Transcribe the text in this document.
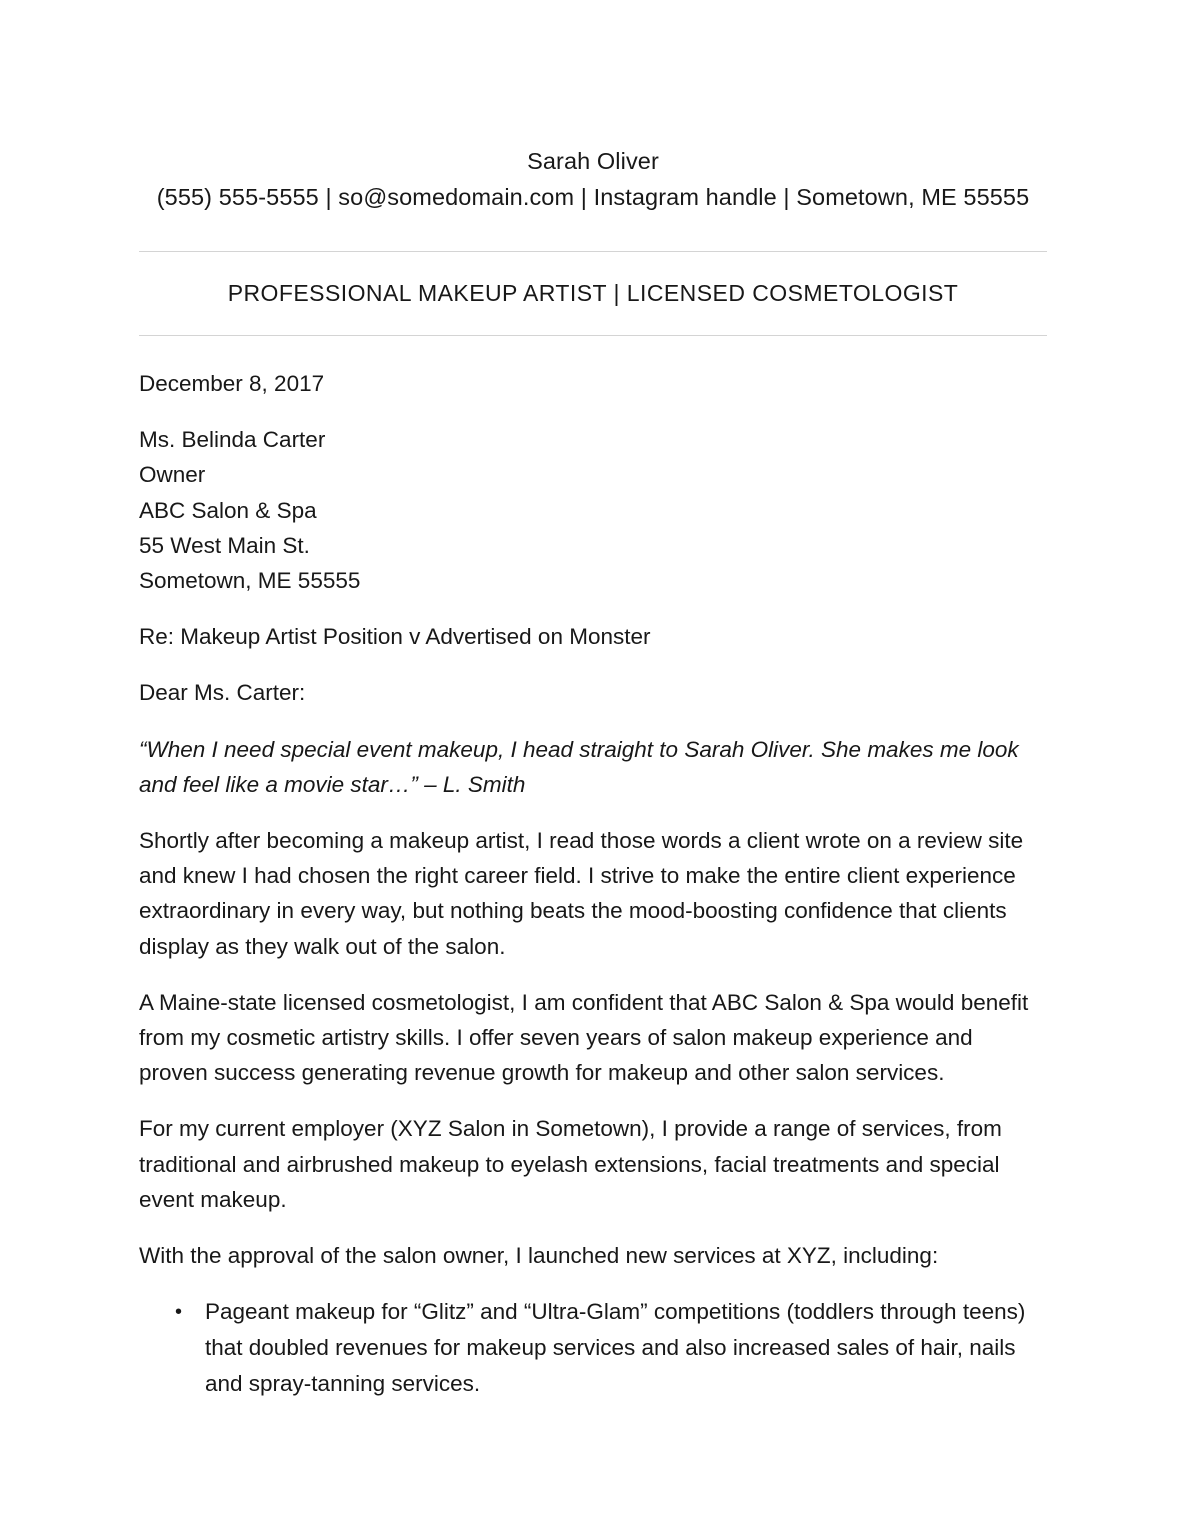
Sarah Oliver
(555) 555-5555 | so@somedomain.com | Instagram handle | Sometown, ME 55555
PROFESSIONAL MAKEUP ARTIST | LICENSED COSMETOLOGIST
December 8, 2017
Ms. Belinda Carter
Owner
ABC Salon & Spa
55 West Main St.
Sometown, ME 55555

Re: Makeup Artist Position v Advertised on Monster

Dear Ms. Carter:

“When I need special event makeup, I head straight to Sarah Oliver. She makes me look and feel like a movie star…” – L. Smith

Shortly after becoming a makeup artist, I read those words a client wrote on a review site and knew I had chosen the right career field. I strive to make the entire client experience extraordinary in every way, but nothing beats the mood-boosting confidence that clients display as they walk out of the salon.

A Maine-state licensed cosmetologist, I am confident that ABC Salon & Spa would benefit from my cosmetic artistry skills. I offer seven years of salon makeup experience and proven success generating revenue growth for makeup and other salon services.

For my current employer (XYZ Salon in Sometown), I provide a range of services, from traditional and airbrushed makeup to eyelash extensions, facial treatments and special event makeup.

With the approval of the salon owner, I launched new services at XYZ, including:

• Pageant makeup for “Glitz” and “Ultra-Glam” competitions (toddlers through teens) that doubled revenues for makeup services and also increased sales of hair, nails and spray-tanning services.
